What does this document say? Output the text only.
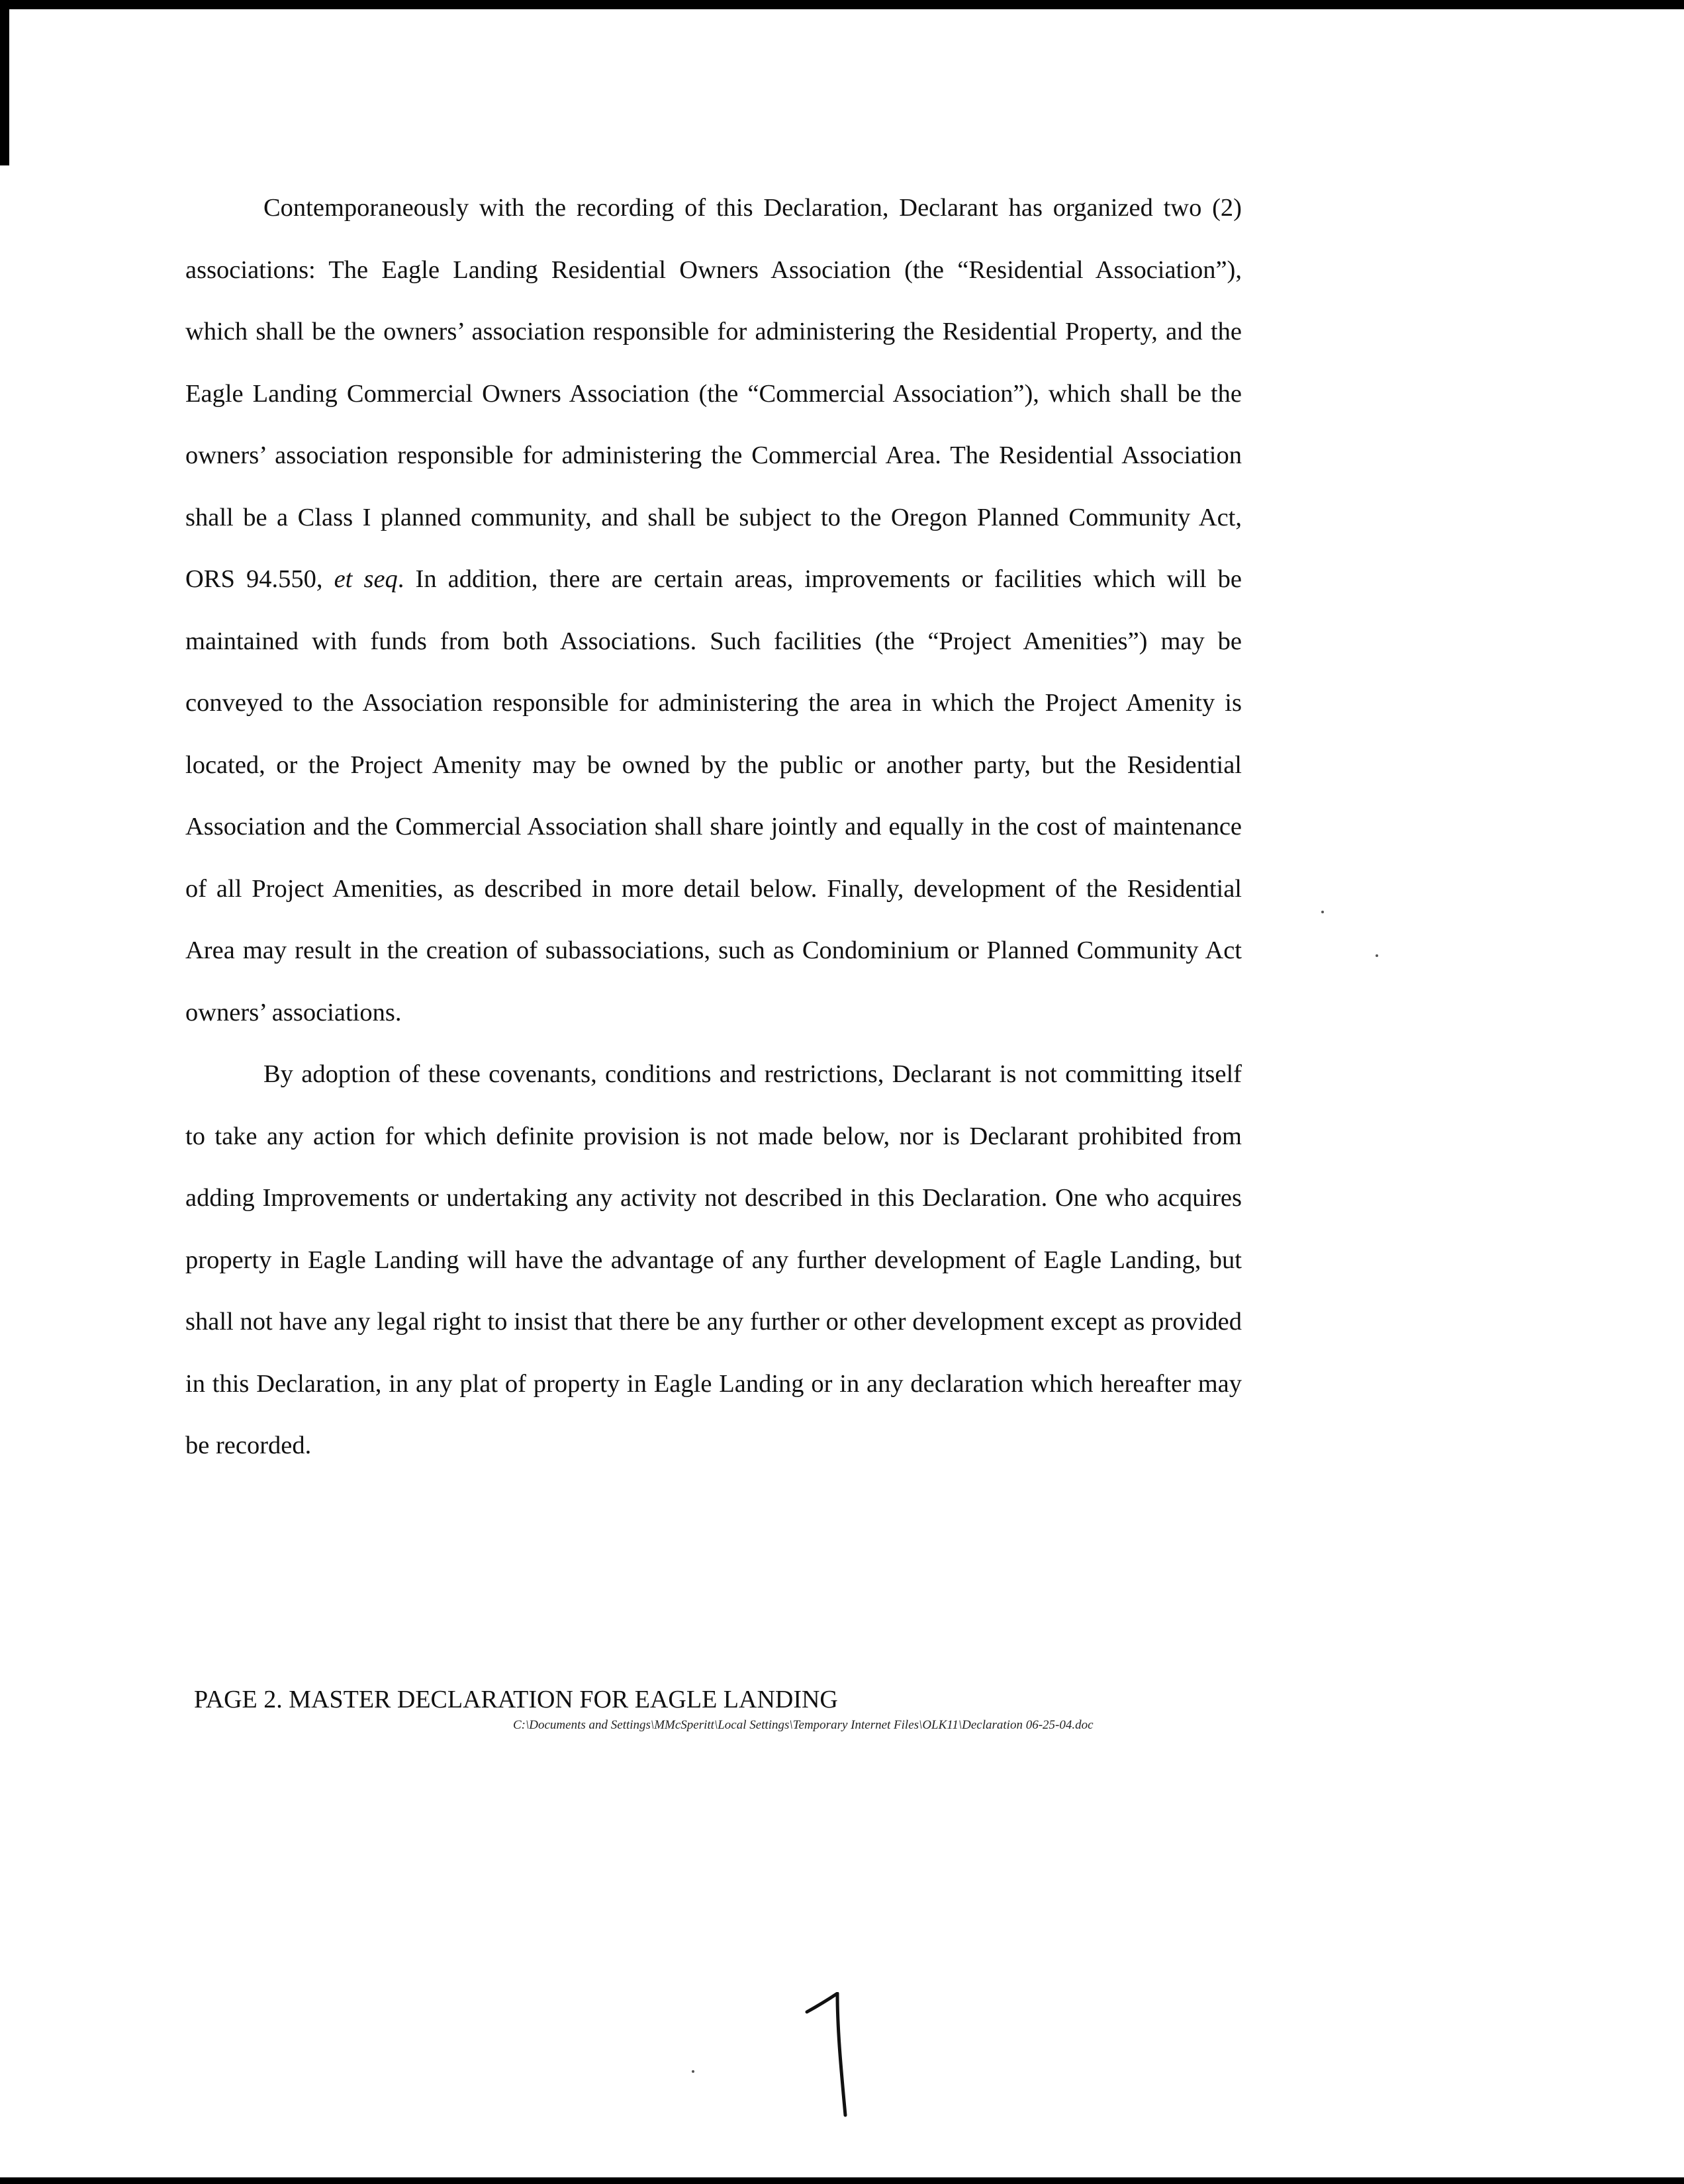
Contemporaneously with the recording of this Declaration, Declarant has organized two (2) associations: The Eagle Landing Residential Owners Association (the “Residential Association”), which shall be the owners’ association responsible for administering the Residential Property, and the Eagle Landing Commercial Owners Association (the “Commercial Association”), which shall be the owners’ association responsible for administering the Commercial Area. The Residential Association shall be a Class I planned community, and shall be subject to the Oregon Planned Community Act, ORS 94.550, et seq. In addition, there are certain areas, improvements or facilities which will be maintained with funds from both Associations. Such facilities (the “Project Amenities”) may be conveyed to the Association responsible for administering the area in which the Project Amenity is located, or the Project Amenity may be owned by the public or another party, but the Residential Association and the Commercial Association shall share jointly and equally in the cost of maintenance of all Project Amenities, as described in more detail below. Finally, development of the Residential Area may result in the creation of subassociations, such as Condominium or Planned Community Act owners’ associations.

By adoption of these covenants, conditions and restrictions, Declarant is not committing itself to take any action for which definite provision is not made below, nor is Declarant prohibited from adding Improvements or undertaking any activity not described in this Declaration. One who acquires property in Eagle Landing will have the advantage of any further development of Eagle Landing, but shall not have any legal right to insist that there be any further or other development except as provided in this Declaration, in any plat of property in Eagle Landing or in any declaration which hereafter may be recorded.

PAGE 2. MASTER DECLARATION FOR EAGLE LANDING
C:\Documents and Settings\MMcSperitt\Local Settings\Temporary Internet Files\OLK11\Declaration 06-25-04.doc
